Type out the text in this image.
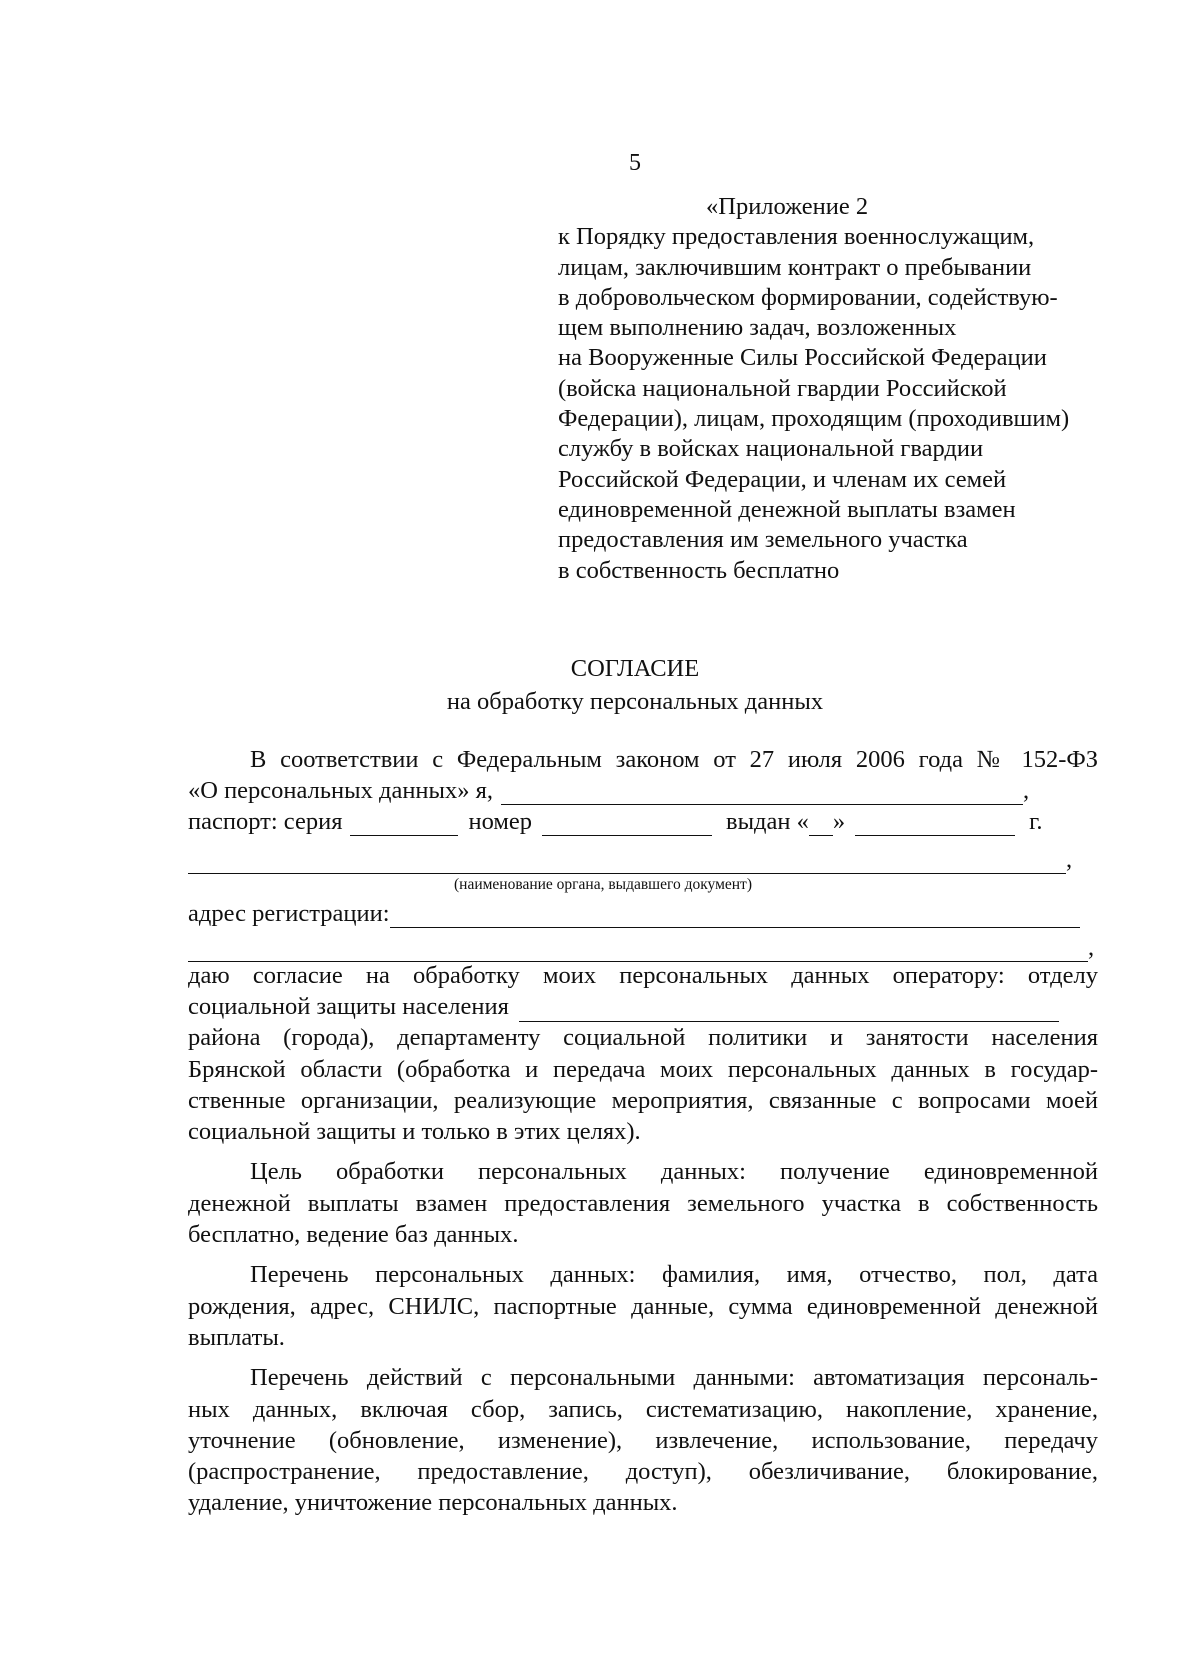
5
«Приложение 2
к Порядку предоставления военнослужащим,
лицам, заключившим контракт о пребывании
в добровольческом формировании, содействую-
щем выполнению задач, возложенных
на Вооруженные Силы Российской Федерации
(войска национальной гвардии Российской
Федерации), лицам, проходящим (проходившим)
службу в войсках национальной гвардии
Российской Федерации, и членам их семей
единовременной денежной выплаты взамен
предоставления им земельного участка
в собственность бесплатно
СОГЛАСИЕ
на обработку персональных данных
В соответствии с Федеральным законом от 27 июля 2006 года № 152-ФЗ
«О персональных данных» я,	,
паспорт: серия	номер	выдан « »	г.
,
(наименование органа, выдавшего документ)
адрес регистрации:
,
даю согласие на обработку моих персональных данных оператору: отделу
социальной защиты населения
района (города), департаменту социальной политики и занятости населения
Брянской области (обработка и передача моих персональных данных в государ-
ственные организации, реализующие мероприятия, связанные с вопросами моей
социальной защиты и только в этих целях).
Цель обработки персональных данных: получение единовременной
денежной выплаты взамен предоставления земельного участка в собственность
бесплатно, ведение баз данных.
Перечень персональных данных: фамилия, имя, отчество, пол, дата
рождения, адрес, СНИЛС, паспортные данные, сумма единовременной денежной
выплаты.
Перечень действий с персональными данными: автоматизация персональ-
ных данных, включая сбор, запись, систематизацию, накопление, хранение,
уточнение (обновление, изменение), извлечение, использование, передачу
(распространение, предоставление, доступ), обезличивание, блокирование,
удаление, уничтожение персональных данных.
